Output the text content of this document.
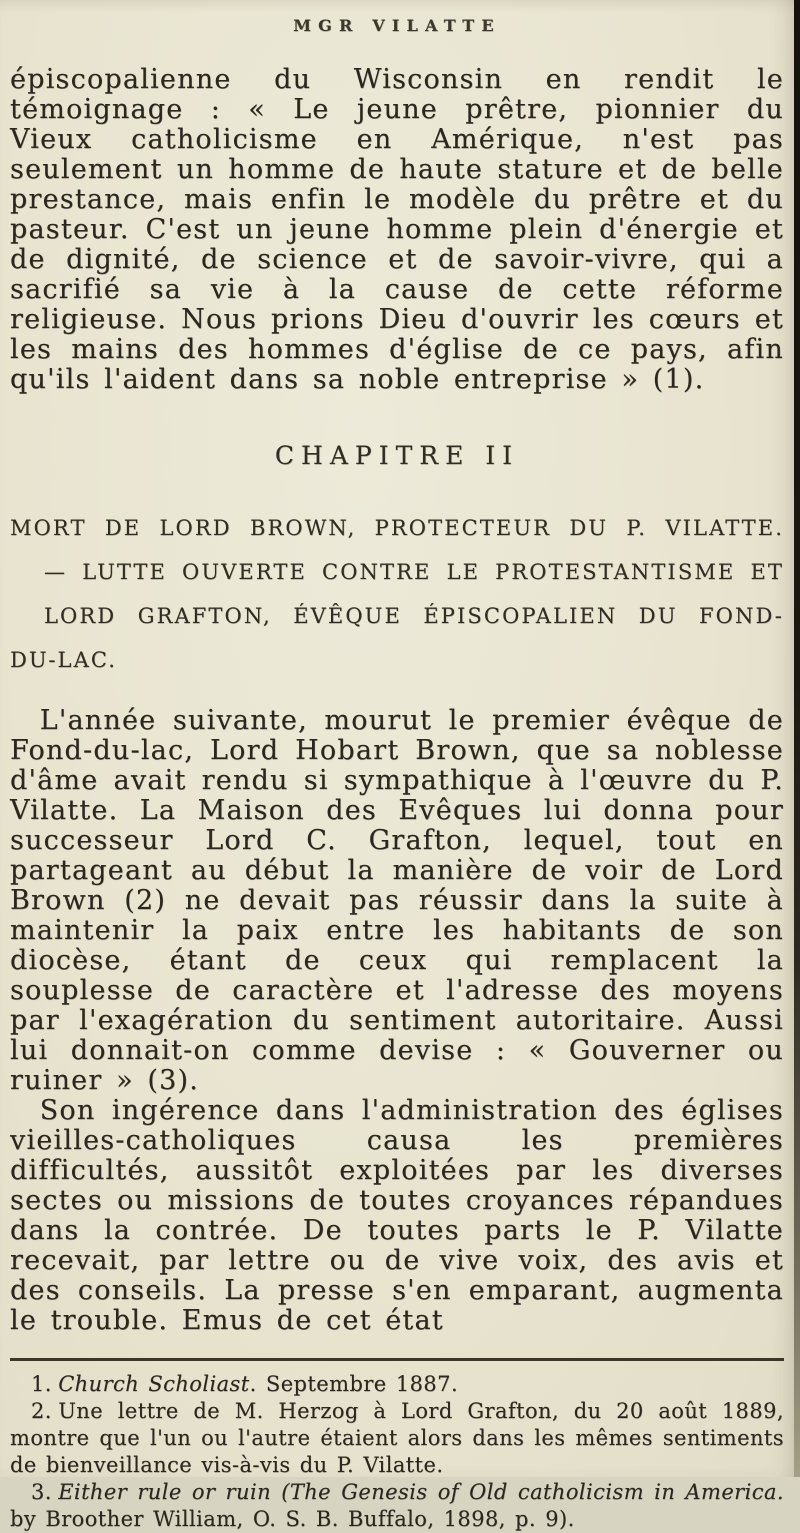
MGR VILATTE

épiscopalienne du Wisconsin en rendit le témoignage : « Le jeune prêtre, pionnier du Vieux catholicisme en Amérique, n'est pas seulement un homme de haute stature et de belle prestance, mais enfin le modèle du prêtre et du pasteur. C'est un jeune homme plein d'énergie et de dignité, de science et de savoir-vivre, qui a sacrifié sa vie à la cause de cette réforme religieuse. Nous prions Dieu d'ouvrir les cœurs et les mains des hommes d'église de ce pays, afin qu'ils l'aident dans sa noble entreprise » (1).

CHAPITRE II
MORT DE LORD BROWN, PROTECTEUR DU P. VILATTE.
— LUTTE OUVERTE CONTRE LE PROTESTANTISME ET
LORD GRAFTON, ÉVÊQUE ÉPISCOPALIEN DU FOND-
DU-LAC.

L'année suivante, mourut le premier évêque de Fond-du-lac, Lord Hobart Brown, que sa noblesse d'âme avait rendu si sympathique à l'œuvre du P. Vilatte. La Maison des Evêques lui donna pour successeur Lord C. Grafton, lequel, tout en partageant au début la manière de voir de Lord Brown (2) ne devait pas réussir dans la suite à maintenir la paix entre les habitants de son diocèse, étant de ceux qui remplacent la souplesse de caractère et l'adresse des moyens par l'exagération du sentiment autoritaire. Aussi lui donnait-on comme devise : « Gouverner ou ruiner » (3).

Son ingérence dans l'administration des églises vieilles-catholiques causa les premières difficultés, aussitôt exploitées par les diverses sectes ou missions de toutes croyances répandues dans la contrée. De toutes parts le P. Vilatte recevait, par lettre ou de vive voix, des avis et des conseils. La presse s'en emparant, augmenta le trouble. Emus de cet état

1. Church Scholiast. Septembre 1887.

2. Une lettre de M. Herzog à Lord Grafton, du 20 août 1889, montre que l'un ou l'autre étaient alors dans les mêmes sentiments de bienveillance vis-à-vis du P. Vilatte.

3. Either rule or ruin (The Genesis of Old catholicism in America. by Broother William, O. S. B. Buffalo, 1898, p. 9).
